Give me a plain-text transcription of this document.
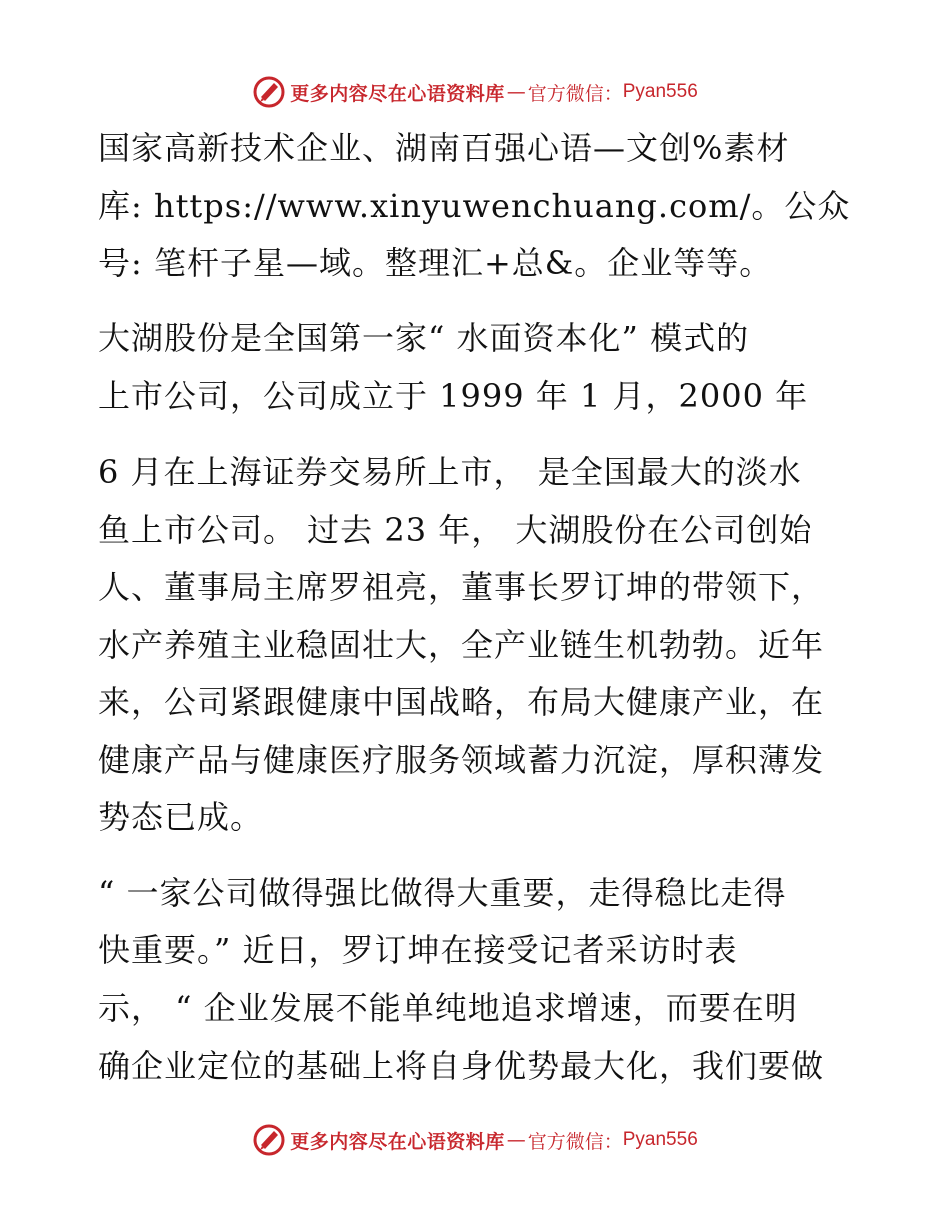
更多内容尽在心语资料库 — 官方微信： Pyan556
国家高新技术企业、湖南百强心语—文创%素材
库: https://www.xinyuwenchuang.com/。公众
号: 笔杆子星—域。整理汇+总&。企业等等。
大湖股份是全国第一家“ 水面资本化” 模式的
上市公司，公司成立于 1999 年 1 月，2000 年
6 月在上海证券交易所上市， 是全国最大的淡水
鱼上市公司。 过去 23 年， 大湖股份在公司创始
人、董事局主席罗祖亮，董事长罗订坤的带领下，
水产养殖主业稳固壮大，全产业链生机勃勃。近年
来，公司紧跟健康中国战略，布局大健康产业，在
健康产品与健康医疗服务领域蓄力沉淀，厚积薄发
势态已成。
“ 一家公司做得强比做得大重要，走得稳比走得
快重要。” 近日，罗订坤在接受记者采访时表
示， “ 企业发展不能单纯地追求增速，而要在明
确企业定位的基础上将自身优势最大化，我们要做
更多内容尽在心语资料库 — 官方微信： Pyan556
